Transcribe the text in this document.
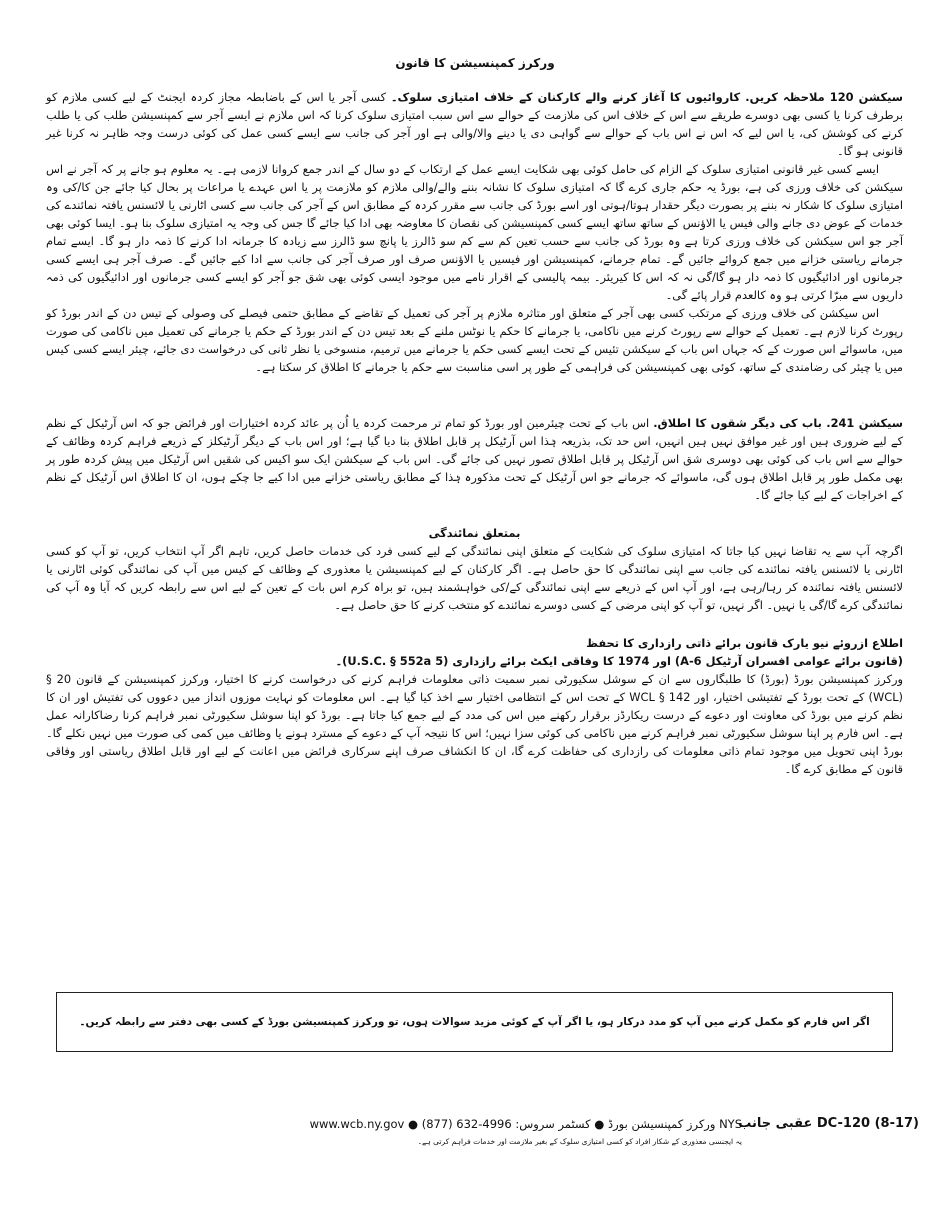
ورکرز کمپنسیشن کا قانون

سیکشن 120 ملاحظہ کریں. کاروائیوں کا آغاز کرنے والے کارکنان کے خلاف امتیازی سلوک۔ کسی آجر یا اس کے باضابطہ مجاز کردہ ایجنٹ کے لیے کسی ملازم کو برطرف کرنا یا کسی بھی دوسرے طریقے سے اس کے خلاف اس کی ملازمت کے حوالے سے اس سبب امتیازی سلوک کرنا کہ اس ملازم نے ایسے آجر سے کمپنسیشن طلب کی یا طلب کرنے کی کوشش کی، یا اس لیے کہ اس نے اس باب کے حوالے سے گواہی دی یا دینے والا/والی ہے اور آجر کی جانب سے ایسے کسی عمل کی کوئی درست وجہ ظاہر نہ کرنا غیر قانونی ہو گا۔

ایسے کسی غیر قانونی امتیازی سلوک کے الزام کی حامل کوئی بھی شکایت ایسے عمل کے ارتکاب کے دو سال کے اندر جمع کروانا لازمی ہے۔ یہ معلوم ہو جانے پر کہ آجر نے اس سیکشن کی خلاف ورزی کی ہے، بورڈ یہ حکم جاری کرے گا کہ امتیازی سلوک کا نشانہ بننے والے/والی ملازم کو ملازمت پر یا اس عہدے یا مراعات پر بحال کیا جائے جن کا/کی وہ امتیازی سلوک کا شکار نہ بننے پر بصورت دیگر حقدار ہوتا/ہوتی اور اسے بورڈ کی جانب سے مقرر کردہ کے مطابق اس کے آجر کی جانب سے کسی اٹارنی یا لائسنس یافتہ نمائندے کی خدمات کے عوض دی جانے والی فیس یا الاؤنس کے ساتھ ساتھ ایسے کسی کمپنسیشن کی نقصان کا معاوضہ بھی ادا کیا جائے گا جس کی وجہ یہ امتیازی سلوک بنا ہو۔ ایسا کوئی بھی آجر جو اس سیکشن کی خلاف ورزی کرتا ہے وہ بورڈ کی جانب سے حسب تعین کم سے کم سو ڈالرز یا پانچ سو ڈالرز سے زیادہ کا جرمانہ ادا کرنے کا ذمہ دار ہو گا۔ ایسے تمام جرمانے ریاستی خزانے میں جمع کروائے جائیں گے۔ تمام جرمانے، کمپنسیشن اور فیسیں یا الاؤنس صرف اور صرف آجر کی جانب سے ادا کیے جائیں گے۔ صرف آجر ہی ایسے کسی جرمانوں اور ادائیگیوں کا ذمہ دار ہو گا/گی نہ کہ اس کا کیریئر۔ بیمہ پالیسی کے اقرار نامے میں موجود ایسی کوئی بھی شق جو آجر کو ایسے کسی جرمانوں اور ادائیگیوں کی ذمہ داریوں سے مبرّا کرتی ہو وہ کالعدم قرار پائے گی۔

اس سیکشن کی خلاف ورزی کے مرتکب کسی بھی آجر کے متعلق اور متاثرہ ملازم پر آجر کی تعمیل کے تقاضے کے مطابق حتمی فیصلے کی وصولی کے تیس دن کے اندر بورڈ کو رپورٹ کرنا لازم ہے۔ تعمیل کے حوالے سے رپورٹ کرنے میں ناکامی، یا جرمانے کا حکم یا نوٹس ملنے کے بعد تیس دن کے اندر بورڈ کے حکم یا جرمانے کی تعمیل میں ناکامی کی صورت میں، ماسوائے اس صورت کے کہ جہاں اس باب کے سیکشن تئیس کے تحت ایسے کسی حکم یا جرمانے میں ترمیم، منسوخی یا نظر ثانی کی درخواست دی جائے، چیئر ایسے کسی کیس میں یا چیئر کی رضامندی کے ساتھ، کوئی بھی کمپنسیشن کی فراہمی کے طور پر اسی مناسبت سے حکم یا جرمانے کا اطلاق کر سکتا ہے۔

سیکشن 241. باب کی دیگر شقوں کا اطلاق. اس باب کے تحت چیئرمین اور بورڈ کو تمام تر مرحمت کردہ یا اُن پر عائد کردہ اختیارات اور فرائض جو کہ اس آرٹیکل کے نظم کے لیے ضروری ہیں اور غیر موافق نہیں ہیں انہیں، اس حد تک، بذریعہ ہٰذا اس آرٹیکل پر قابل اطلاق بنا دیا گیا ہے؛ اور اس باب کے دیگر آرٹیکلز کے ذریعے فراہم کردہ وظائف کے حوالے سے اس باب کی کوئی بھی دوسری شق اس آرٹیکل پر قابل اطلاق تصور نہیں کی جائے گی۔ اس باب کے سیکشن ایک سو اکیس کی شقیں اس آرٹیکل میں پیش کردہ طور پر بھی مکمل طور پر قابل اطلاق ہوں گی، ماسوائے کہ جرمانے جو اس آرٹیکل کے تحت مذکورہ ہٰذا کے مطابق ریاستی خزانے میں ادا کیے جا چکے ہوں، ان کا اطلاق اس آرٹیکل کے نظم کے اخراجات کے لیے کیا جائے گا۔

بمتعلق نمائندگی

اگرچہ آپ سے یہ تقاضا نہیں کیا جاتا کہ امتیازی سلوک کی شکایت کے متعلق اپنی نمائندگی کے لیے کسی فرد کی خدمات حاصل کریں، تاہم اگر آپ انتخاب کریں، تو آپ کو کسی اٹارنی یا لائسنس یافتہ نمائندے کی جانب سے اپنی نمائندگی کا حق حاصل ہے۔ اگر کارکنان کے لیے کمپنسیشن یا معذوری کے وظائف کے کیس میں آپ کی نمائندگی کوئی اٹارنی یا لائسنس یافتہ نمائندہ کر رہا/رہی ہے، اور آپ اس کے ذریعے سے اپنی نمائندگی کے/کی خواہشمند ہیں، تو براہ کرم اس بات کے تعین کے لیے اس سے رابطہ کریں کہ آیا وہ آپ کی نمائندگی کرے گا/گی یا نہیں۔ اگر نہیں، تو آپ کو اپنی مرضی کے کسی دوسرے نمائندے کو منتخب کرنے کا حق حاصل ہے۔

اطلاع ازروئے نیو یارک قانون برائے ذاتی رازداری کا تحفظ

(قانون برائے عوامی افسران آرٹیکل 6-A) اور 1974 کا وفاقی ایکٹ برائے رازداری (5 U.S.C. § 552a)۔

ورکرز کمپنسیشن بورڈ (بورڈ) کا طلبگاروں سے ان کے سوشل سکیورٹی نمبر سمیت ذاتی معلومات فراہم کرنے کی درخواست کرنے کا اختیار، ورکرز کمپنسیشن کے قانون 20 § (WCL) کے تحت بورڈ کے تفتیشی اختیار، اور WCL § 142 کے تحت اس کے انتظامی اختیار سے اخذ کیا گیا ہے۔ اس معلومات کو نہایت موزوں انداز میں دعووں کی تفتیش اور ان کا نظم کرنے میں بورڈ کی معاونت اور دعوے کے درست ریکارڈز برقرار رکھنے میں اس کی مدد کے لیے جمع کیا جاتا ہے۔ بورڈ کو اپنا سوشل سکیورٹی نمبر فراہم کرنا رضاکارانہ عمل ہے۔ اس فارم پر اپنا سوشل سکیورٹی نمبر فراہم کرنے میں ناکامی کی کوئی سزا نہیں؛ اس کا نتیجہ آپ کے دعوے کے مسترد ہونے یا وظائف میں کمی کی صورت میں نہیں نکلے گا۔ بورڈ اپنی تحویل میں موجود تمام ذاتی معلومات کی رازداری کی حفاظت کرے گا، ان کا انکشاف صرف اپنے سرکاری فرائض میں اعانت کے لیے اور قابل اطلاق ریاستی اور وفاقی قانون کے مطابق کرے گا۔

اگر اس فارم کو مکمل کرنے میں آپ کو مدد درکار ہو، یا اگر آپ کے کوئی مزید سوالات ہوں، تو ورکرز کمپنسیشن بورڈ کے کسی بھی دفتر سے رابطہ کریں۔
DC-120 (8-17) عقبی جانب
NYS ورکرز کمپنسیشن بورڈ ● کسٹمر سروس: 4996-632 (877) ● www.wcb.ny.gov
یہ ایجنسی معذوری کے شکار افراد کو کسی امتیازی سلوک کے بغیر ملازمت اور خدمات فراہم کرتی ہے۔
